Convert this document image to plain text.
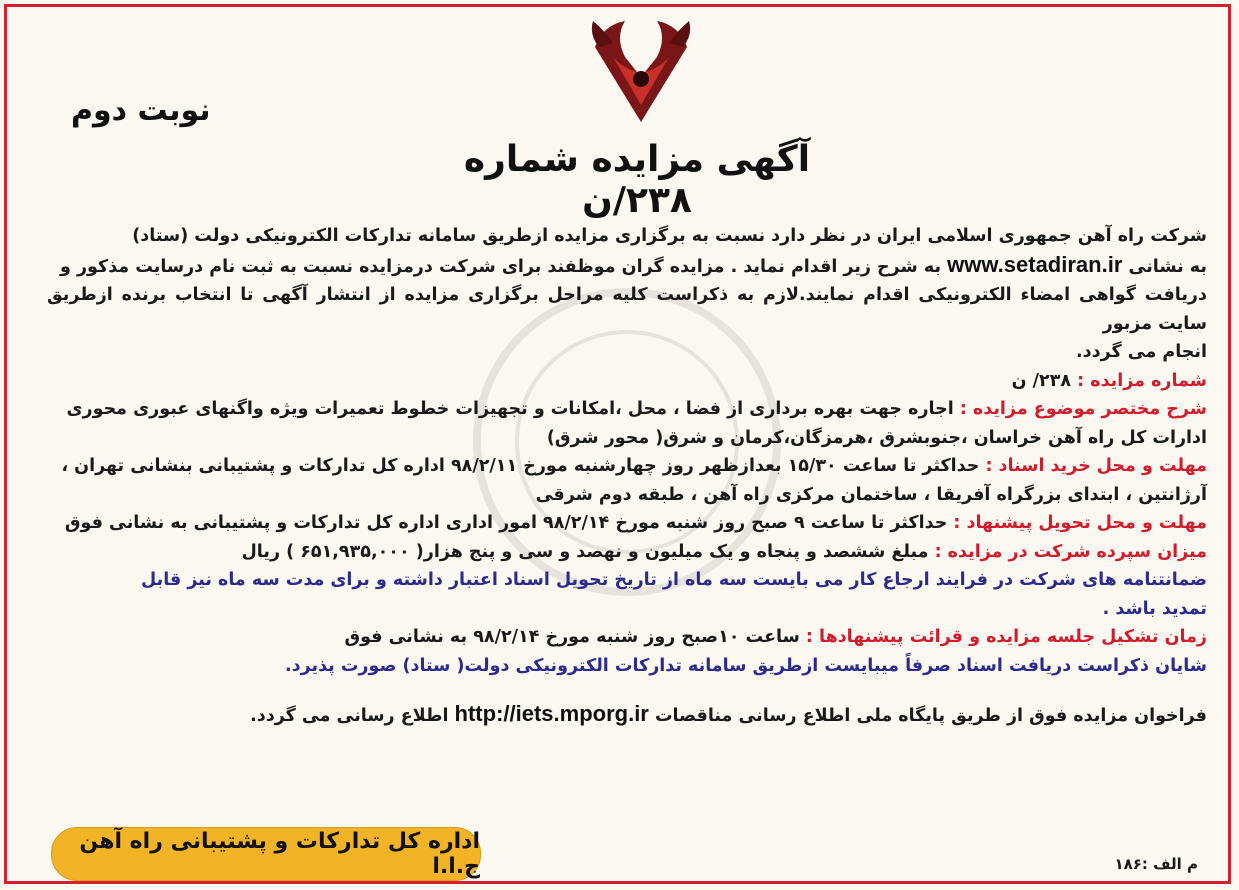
نوبت دوم
آگهی مزایده شماره ۲۳۸/ن

شرکت راه آهن جمهوری اسلامی ایران در نظر دارد نسبت به برگزاری مزایده ازطریق سامانه تدارکات الکترونیکی دولت (ستاد)

به نشانی www.setadiran.ir به شرح زیر اقدام نماید . مزایده گران موظفند برای شرکت درمزایده نسبت به ثبت نام درسایت مذکور و

دریافت گواهی امضاء الکترونیکی اقدام نمایند.لازم به ذکراست کلیه مراحل برگزاری مزایده از انتشار آگهی تا انتخاب برنده ازطریق سایت مزبور

انجام می گردد.

شماره مزایده : ۲۳۸/ ن

شرح مختصر موضوع مزایده : اجاره جهت بهره برداری از فضا ، محل ،امکانات و تجهیزات خطوط تعمیرات ویژه واگنهای عبوری محوری

ادارات کل راه آهن خراسان ،جنوبشرق ،هرمزگان،کرمان و شرق( محور شرق)

مهلت و محل خرید اسناد : حداکثر تا ساعت ۱۵/۳۰ بعدازظهر روز چهارشنبه مورخ ۹۸/۲/۱۱ اداره کل تدارکات و پشتیبانی بنشانی تهران ،

آرژانتین ، ابتدای بزرگراه آفریقا ، ساختمان مرکزی راه آهن ، طبقه دوم شرقی

مهلت و محل تحویل پیشنهاد : حداکثر تا ساعت ۹ صبح روز شنبه مورخ ۹۸/۲/۱۴ امور اداری اداره کل تدارکات و پشتیبانی به نشانی فوق

میزان سپرده شرکت در مزایده : مبلغ ششصد و پنجاه و یک میلیون و نهصد و سی و پنج هزار( ۶۵۱,۹۳۵,۰۰۰ ) ریال

ضمانتنامه های شرکت در فرایند ارجاع کار می بایست سه ماه از تاریخ تحویل اسناد اعتبار داشته و برای مدت سه ماه نیز قابل

تمدید باشد .

زمان تشکیل جلسه مزایده و قرائت پیشنهادها : ساعت ۱۰صبح روز شنبه مورخ ۹۸/۲/۱۴ به نشانی فوق

شایان ذکراست دریافت اسناد صرفاً میبایست ازطریق سامانه تدارکات الکترونیکی دولت( ستاد) صورت پذیرد.

فراخوان مزایده فوق از طریق پایگاه ملی اطلاع رسانی مناقصات http://iets.mporg.ir اطلاع رسانی می گردد.

اداره کل تدارکات و پشتیبانی راه آهن ج.ا.ا	م الف :۱۸۶
